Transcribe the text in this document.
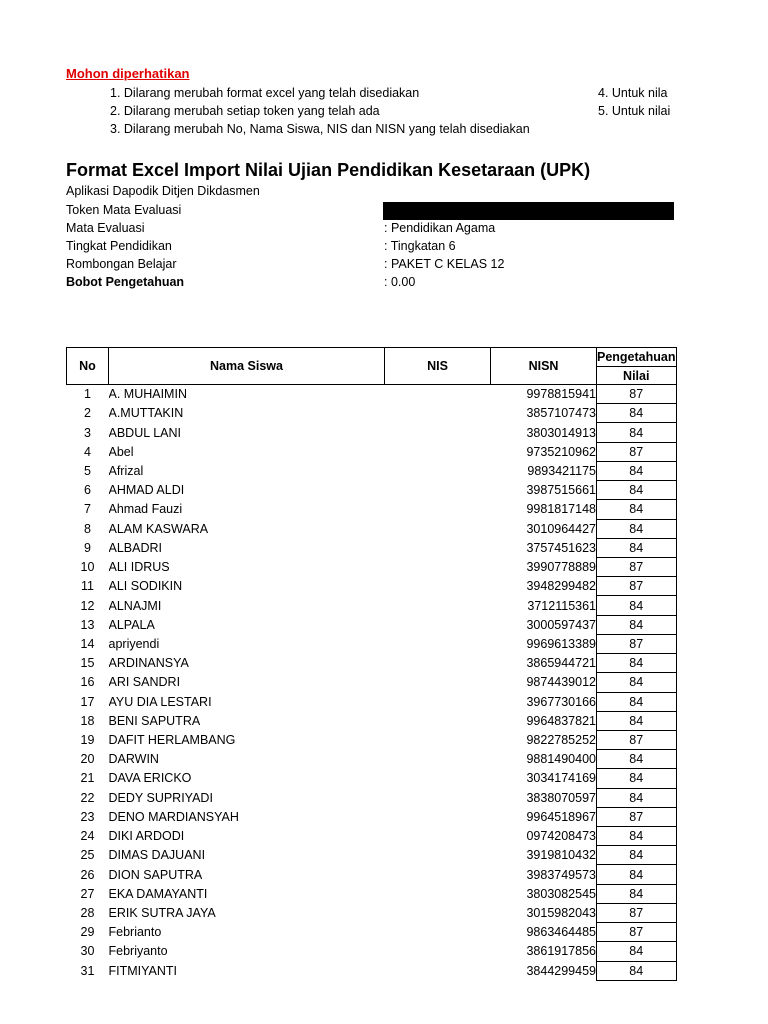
Mohon diperhatikan
1. Dilarang merubah format excel yang telah disediakan
2. Dilarang merubah setiap token yang telah ada
3. Dilarang merubah No, Nama Siswa, NIS dan NISN yang telah disediakan
4. Untuk nila
5. Untuk nilai
Format Excel Import Nilai Ujian Pendidikan Kesetaraan (UPK)
Aplikasi Dapodik Ditjen Dikdasmen
Token Mata Evaluasi
Mata Evaluasi	: Pendidikan Agama
Tingkat Pendidikan	: Tingkatan 6
Rombongan Belajar	: PAKET C KELAS 12
Bobot Pengetahuan	: 0.00
No	Nama Siswa	NIS	NISN	Pengetahuan
				Nilai
1	A. MUHAIMIN		9978815941	87
2	A.MUTTAKIN		3857107473	84
3	ABDUL LANI		3803014913	84
4	Abel		9735210962	87
5	Afrizal		9893421175	84
6	AHMAD ALDI		3987515661	84
7	Ahmad Fauzi		9981817148	84
8	ALAM KASWARA		3010964427	84
9	ALBADRI		3757451623	84
10	ALI IDRUS		3990778889	87
11	ALI SODIKIN		3948299482	87
12	ALNAJMI		3712115361	84
13	ALPALA		3000597437	84
14	apriyendi		9969613389	87
15	ARDINANSYA		3865944721	84
16	ARI SANDRI		9874439012	84
17	AYU DIA LESTARI		3967730166	84
18	BENI SAPUTRA		9964837821	84
19	DAFIT HERLAMBANG		9822785252	87
20	DARWIN		9881490400	84
21	DAVA ERICKO		3034174169	84
22	DEDY SUPRIYADI		3838070597	84
23	DENO MARDIANSYAH		9964518967	87
24	DIKI ARDODI		0974208473	84
25	DIMAS DAJUANI		3919810432	84
26	DION SAPUTRA		3983749573	84
27	EKA DAMAYANTI		3803082545	84
28	ERIK SUTRA JAYA		3015982043	87
29	Febrianto		9863464485	87
30	Febriyanto		3861917856	84
31	FITMIYANTI		3844299459	84
